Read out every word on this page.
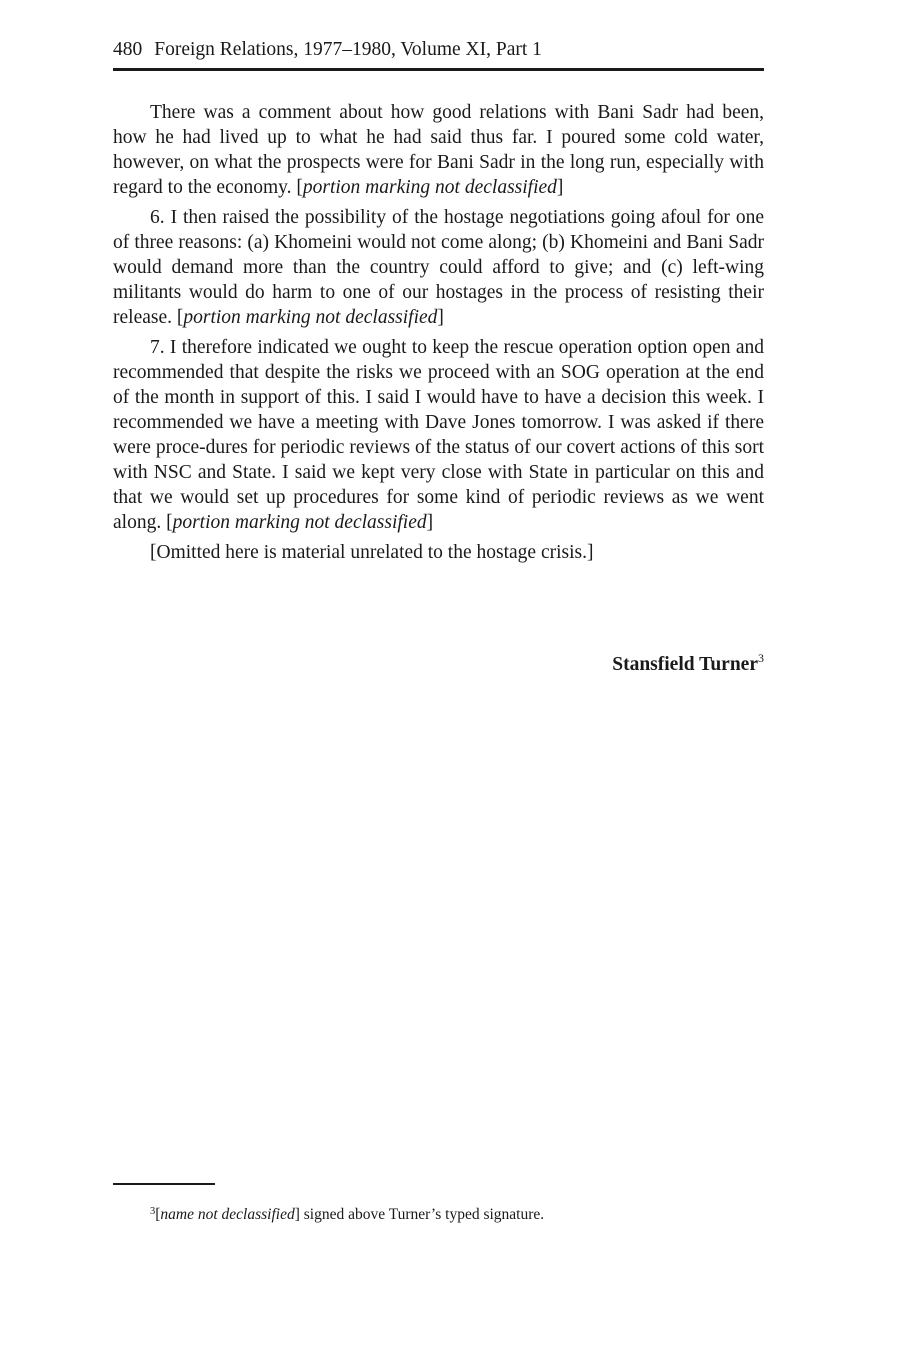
480 Foreign Relations, 1977–1980, Volume XI, Part 1

There was a comment about how good relations with Bani Sadr had been, how he had lived up to what he had said thus far. I poured some cold water, however, on what the prospects were for Bani Sadr in the long run, especially with regard to the economy. [portion marking not declassified]

6. I then raised the possibility of the hostage negotiations going afoul for one of three reasons: (a) Khomeini would not come along; (b) Khomeini and Bani Sadr would demand more than the country could afford to give; and (c) left-wing militants would do harm to one of our hostages in the process of resisting their release. [portion marking not declassified]

7. I therefore indicated we ought to keep the rescue operation option open and recommended that despite the risks we proceed with an SOG operation at the end of the month in support of this. I said I would have to have a decision this week. I recommended we have a meeting with Dave Jones tomorrow. I was asked if there were proce-dures for periodic reviews of the status of our covert actions of this sort with NSC and State. I said we kept very close with State in particular on this and that we would set up procedures for some kind of periodic reviews as we went along. [portion marking not declassified]

[Omitted here is material unrelated to the hostage crisis.]

Stansfield Turner$^3$
$^3$[name not declassified] signed above Turner’s typed signature.
